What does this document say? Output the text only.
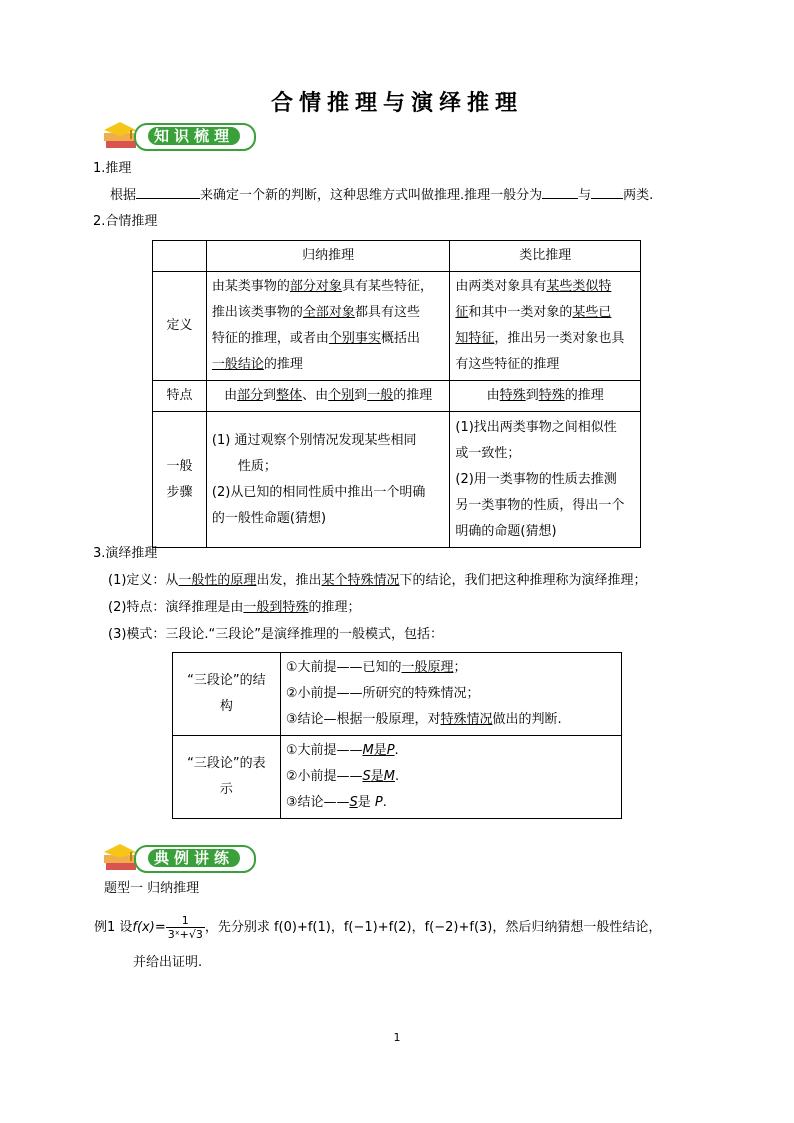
合情推理与演绎推理
知识梳理
1.推理
根据	来确定一个新的判断，这种思维方式叫做推理.推理一般分为	与 两类.
2.合情推理
	归纳推理	类比推理
定义	由某类事物的部分对象具有某些特征，
推出该类事物的全部对象都具有这些
特征的推理，或者由个别事实概括出
一般结论的推理	由两类对象具有某些类似特
征和其中一类对象的某些已
知特征，推出另一类对象也具
有这些特征的推理
特点	由部分到整体、由个别到一般的推理	由特殊到特殊的推理
一般
步骤	(1) 通过观察个别情况发现某些相同
性质；
(2)从已知的相同性质中推出一个明确
的一般性命题(猜想)	(1)找出两类事物之间相似性
或一致性；
(2)用一类事物的性质去推测
另一类事物的性质，得出一个
明确的命题(猜想)
3.演绎推理
(1)定义：从一般性的原理出发，推出某个特殊情况下的结论，我们把这种推理称为演绎推理；
(2)特点：演绎推理是由一般到特殊的推理；
(3)模式：三段论.“三段论”是演绎推理的一般模式，包括：
“三段论”的结
构	①大前提——已知的一般原理；
②小前提——所研究的特殊情况；
③结论—根据一般原理，对特殊情况做出的判断.
“三段论”的表
示	①大前提——M是P.
②小前提——S是M.
③结论——S是 P.
典例讲练
题型一 归纳推理
例1 设$f(x)= \frac{1}{\text{3ˣ+√3}}$ ，先分别求 f(0)+f(1)，f(−1)+f(2)，f(−2)+f(3)，然后归纳猜想一般性结论，
并给出证明.
1
